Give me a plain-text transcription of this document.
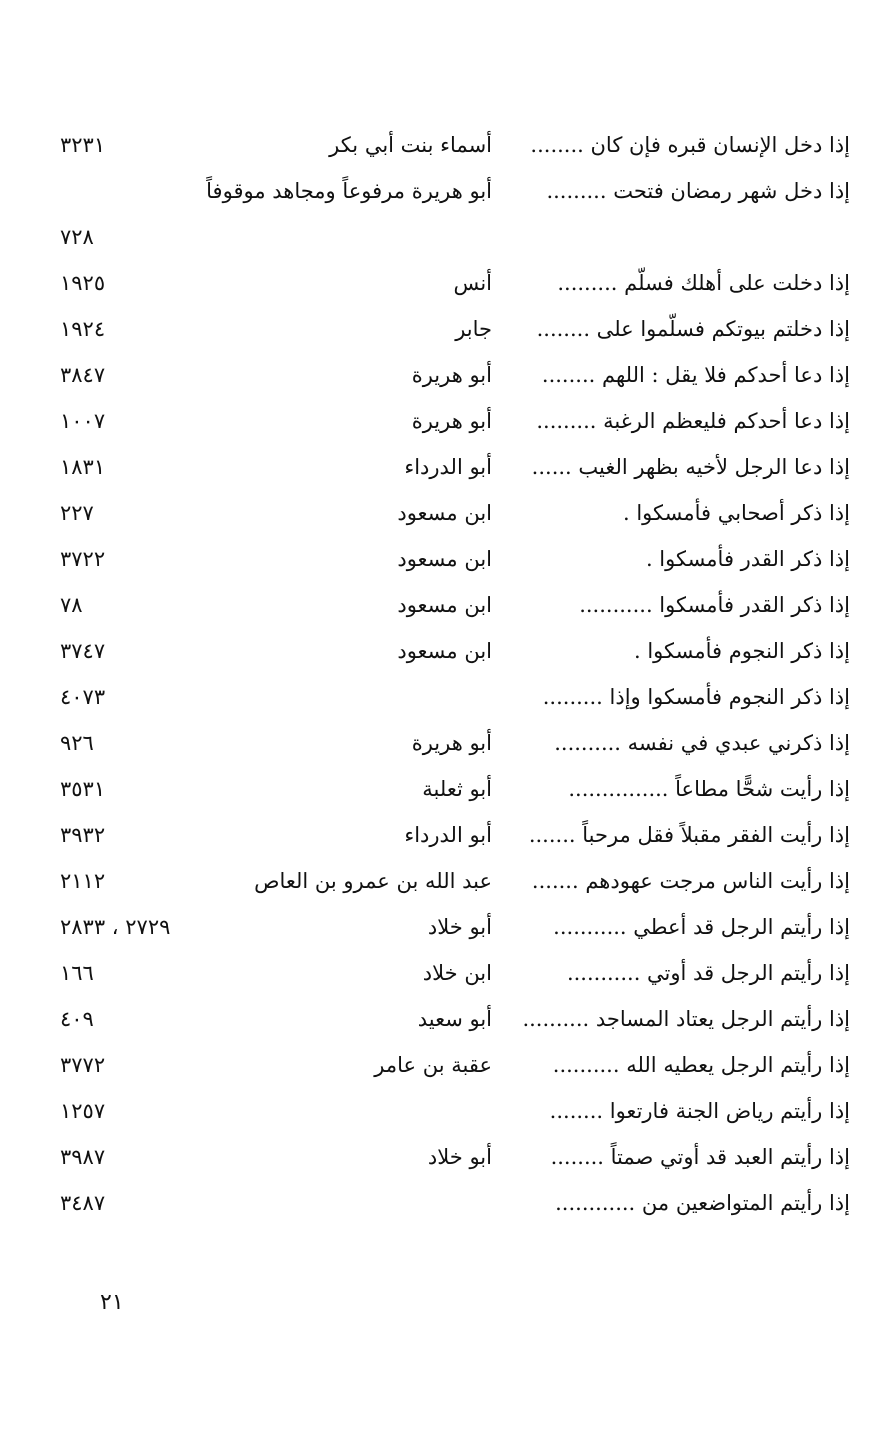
إذا دخل الإنسان قبره فإن كان ........
أسماء بنت أبي بكر
٣٢٣١
إذا دخل شهر رمضان فتحت .........
أبو هريرة مرفوعاً ومجاهد موقوفاً
٧٢٨
إذا دخلت على أهلك فسلّم .........
أنس
١٩٢٥
إذا دخلتم بيوتكم فسلّموا على ........
جابر
١٩٢٤
إذا دعا أحدكم فلا يقل : اللهم ........
أبو هريرة
٣٨٤٧
إذا دعا أحدكم فليعظم الرغبة .........
أبو هريرة
١٠٠٧
إذا دعا الرجل لأخيه بظهر الغيب ......
أبو الدرداء
١٨٣١
إذا ذكر أصحابي فأمسكوا .
ابن مسعود
٢٢٧
إذا ذكر القدر فأمسكوا .
ابن مسعود
٣٧٢٢
إذا ذكر القدر فأمسكوا ...........
ابن مسعود
٧٨
إذا ذكر النجوم فأمسكوا .
ابن مسعود
٣٧٤٧
إذا ذكر النجوم فأمسكوا وإذا .........
٤٠٧٣
إذا ذكرني عبدي في نفسه ..........
أبو هريرة
٩٢٦
إذا رأيت شحًّا مطاعاً ...............
أبو ثعلبة
٣٥٣١
إذا رأيت الفقر مقبلاً فقل مرحباً .......
أبو الدرداء
٣٩٣٢
إذا رأيت الناس مرجت عهودهم .......
عبد الله بن عمرو بن العاص
٢١١٢
إذا رأيتم الرجل قد أعطي ...........
أبو خلاد
٢٧٢٩ ، ٢٨٣٣
إذا رأيتم الرجل قد أوتي ...........
ابن خلاد
١٦٦
إذا رأيتم الرجل يعتاد المساجد ..........
أبو سعيد
٤٠٩
إذا رأيتم الرجل يعطيه الله ..........
عقبة بن عامر
٣٧٧٢
إذا رأيتم رياض الجنة فارتعوا ........
١٢٥٧
إذا رأيتم العبد قد أوتي صمتاً ........
أبو خلاد
٣٩٨٧
إذا رأيتم المتواضعين من ............
٣٤٨٧
٢١
